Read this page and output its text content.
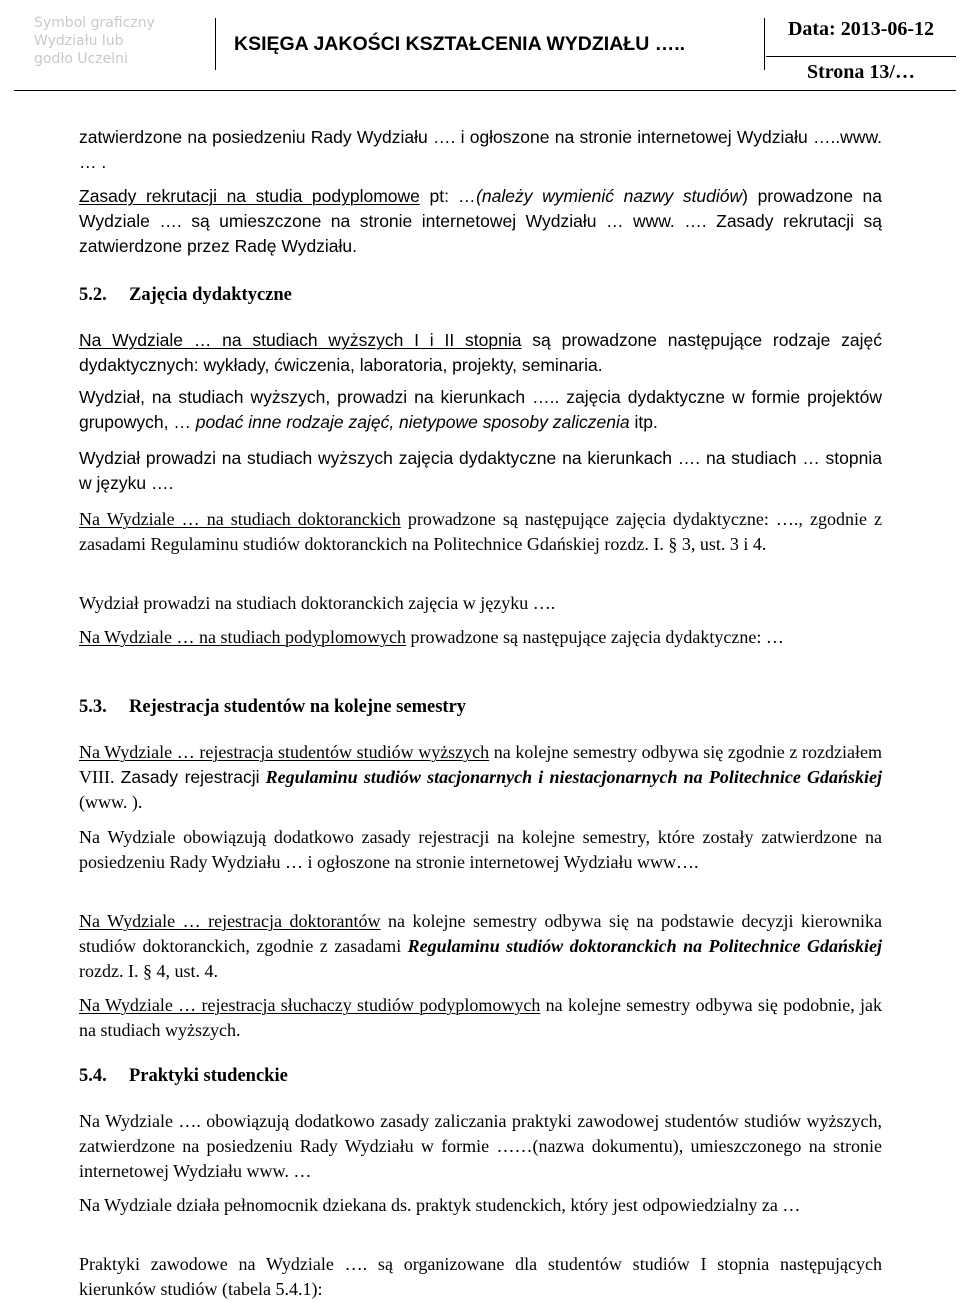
Symbol graficzny
Wydziału lub
godło Uczelni
KSIĘGA JAKOŚCI KSZTAŁCENIA WYDZIAŁU …..
Data: 2013-06-12
Strona 13/…

zatwierdzone na posiedzeniu Rady Wydziału …. i ogłoszone na stronie internetowej Wydziału …..www. … .

Zasady rekrutacji na studia podyplomowe pt: …(należy wymienić nazwy studiów) prowadzone na Wydziale …. są umieszczone na stronie internetowej Wydziału … www. …. Zasady rekrutacji są zatwierdzone przez Radę Wydziału.

5.2. Zajęcia dydaktyczne

Na Wydziale … na studiach wyższych I i II stopnia są prowadzone następujące rodzaje zajęć dydaktycznych: wykłady, ćwiczenia, laboratoria, projekty, seminaria.

Wydział, na studiach wyższych, prowadzi na kierunkach ….. zajęcia dydaktyczne w formie projektów grupowych, … podać inne rodzaje zajęć, nietypowe sposoby zaliczenia itp.

Wydział prowadzi na studiach wyższych zajęcia dydaktyczne na kierunkach …. na studiach … stopnia w języku ….

Na Wydziale … na studiach doktoranckich prowadzone są następujące zajęcia dydaktyczne: …., zgodnie z zasadami Regulaminu studiów doktoranckich na Politechnice Gdańskiej rozdz. I. § 3, ust. 3 i 4.

Wydział prowadzi na studiach doktoranckich zajęcia w języku ….

Na Wydziale … na studiach podyplomowych prowadzone są następujące zajęcia dydaktyczne: …

5.3. Rejestracja studentów na kolejne semestry

Na Wydziale … rejestracja studentów studiów wyższych na kolejne semestry odbywa się zgodnie z rozdziałem VIII. Zasady rejestracji Regulaminu studiów stacjonarnych i niestacjonarnych na Politechnice Gdańskiej (www. ).

Na Wydziale obowiązują dodatkowo zasady rejestracji na kolejne semestry, które zostały zatwierdzone na posiedzeniu Rady Wydziału … i ogłoszone na stronie internetowej Wydziału www….

Na Wydziale … rejestracja doktorantów na kolejne semestry odbywa się na podstawie decyzji kierownika studiów doktoranckich, zgodnie z zasadami Regulaminu studiów doktoranckich na Politechnice Gdańskiej rozdz. I. § 4, ust. 4.

Na Wydziale … rejestracja słuchaczy studiów podyplomowych na kolejne semestry odbywa się podobnie, jak na studiach wyższych.

5.4. Praktyki studenckie

Na Wydziale …. obowiązują dodatkowo zasady zaliczania praktyki zawodowej studentów studiów wyższych, zatwierdzone na posiedzeniu Rady Wydziału w formie ……(nazwa dokumentu), umieszczonego na stronie internetowej Wydziału www. …

Na Wydziale działa pełnomocnik dziekana ds. praktyk studenckich, który jest odpowiedzialny za …

Praktyki zawodowe na Wydziale …. są organizowane dla studentów studiów I stopnia następujących kierunków studiów (tabela 5.4.1):
